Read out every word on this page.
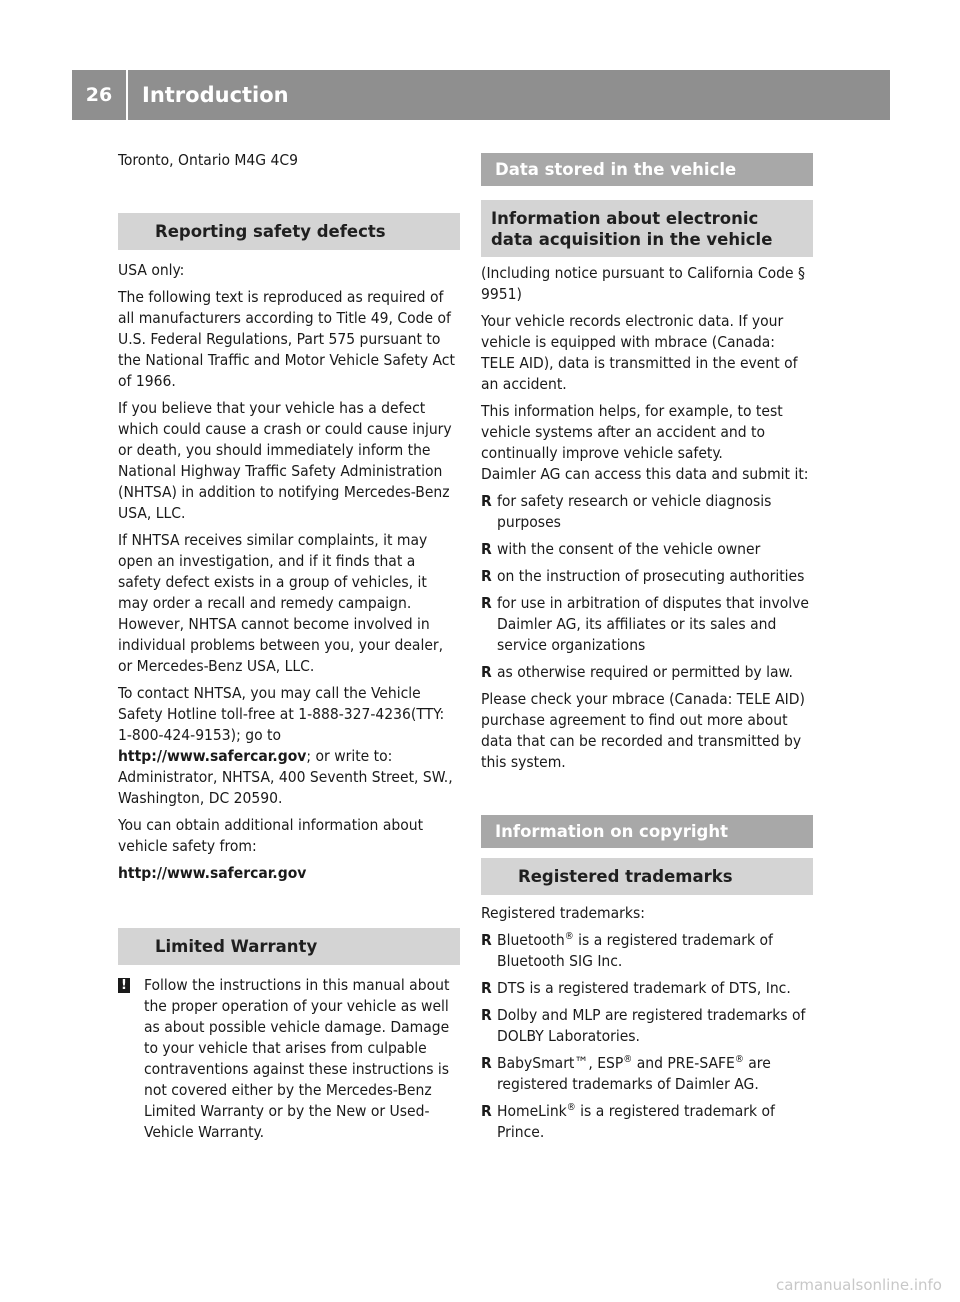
26	Introduction

Toronto, Ontario M4G 4C9

Reporting safety defects

USA only:

The following text is reproduced as required of all manufacturers according to Title 49, Code of U.S. Federal Regulations, Part 575 pursuant to the National Traffic and Motor Vehicle Safety Act of 1966.

If you believe that your vehicle has a defect which could cause a crash or could cause injury or death, you should immediately inform the National Highway Traffic Safety Administration (NHTSA) in addition to notifying Mercedes-Benz USA, LLC.

If NHTSA receives similar complaints, it may open an investigation, and if it finds that a safety defect exists in a group of vehicles, it may order a recall and remedy campaign. However, NHTSA cannot become involved in individual problems between you, your dealer, or Mercedes-Benz USA, LLC.

To contact NHTSA, you may call the Vehicle Safety Hotline toll-free at 1-888-327-4236(TTY: 1-800-424-9153); go to http://www.safercar.gov; or write to: Administrator, NHTSA, 400 Seventh Street, SW., Washington, DC 20590.

You can obtain additional information about vehicle safety from:

http://www.safercar.gov

Limited Warranty
! Follow the instructions in this manual about the proper operation of your vehicle as well as about possible vehicle damage. Damage to your vehicle that arises from culpable contraventions against these instructions is not covered either by the Mercedes-Benz Limited Warranty or by the New or Used-Vehicle Warranty.
Data stored in the vehicle
Information about electronic data acquisition in the vehicle

(Including notice pursuant to California Code § 9951)

Your vehicle records electronic data. If your vehicle is equipped with mbrace (Canada: TELE AID), data is transmitted in the event of an accident.

This information helps, for example, to test vehicle systems after an accident and to continually improve vehicle safety.

Daimler AG can access this data and submit it:

R for safety research or vehicle diagnosis purposes
R with the consent of the vehicle owner
R on the instruction of prosecuting authorities
R for use in arbitration of disputes that involve Daimler AG, its affiliates or its sales and service organizations
R as otherwise required or permitted by law.

Please check your mbrace (Canada: TELE AID) purchase agreement to find out more about data that can be recorded and transmitted by this system.

Information on copyright
Registered trademarks

Registered trademarks:

R Bluetooth® is a registered trademark of Bluetooth SIG Inc.
R DTS is a registered trademark of DTS, Inc.
R Dolby and MLP are registered trademarks of DOLBY Laboratories.
R BabySmart™, ESP® and PRE-SAFE® are registered trademarks of Daimler AG.
R HomeLink® is a registered trademark of Prince.
carmanualsonline.info
